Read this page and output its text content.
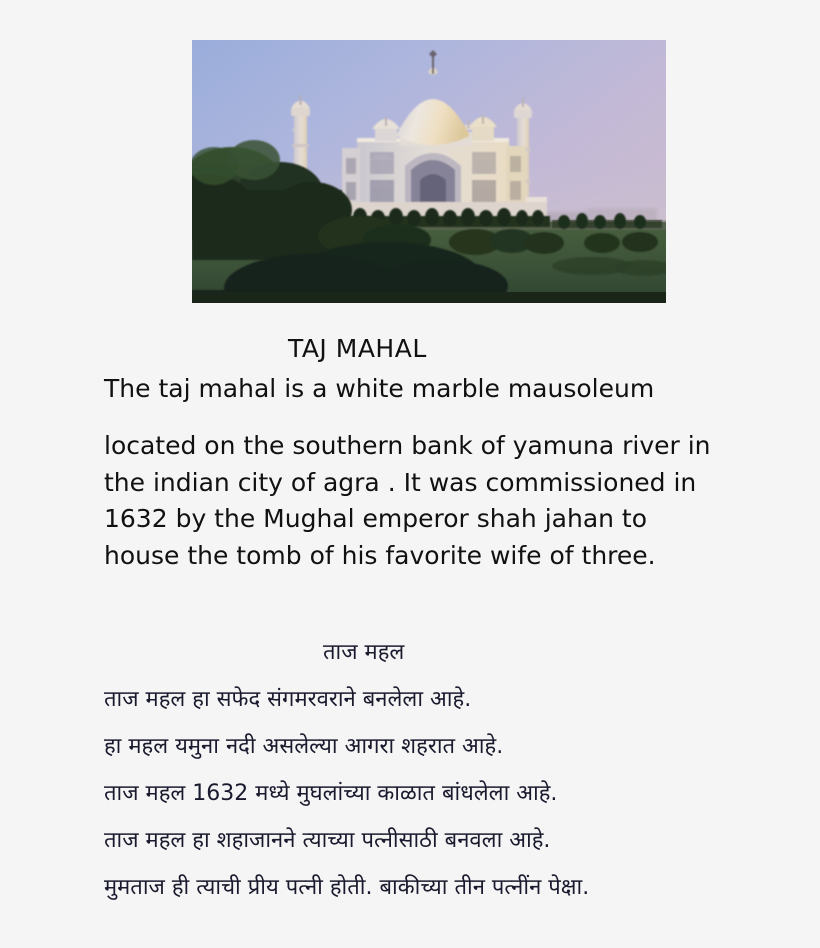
TAJ MAHAL
The taj mahal is a white marble mausoleum
located on the southern bank of yamuna river in the indian city of agra . It was commissioned in 1632 by the Mughal emperor shah jahan to house the tomb of his favorite wife of three.
ताज महल
ताज महल हा सफेद संगमरवराने बनलेला आहे.
हा महल यमुना नदी असलेल्या आगरा शहरात आहे.
ताज महल 1632 मध्ये मुघलांच्या काळात बांधलेला आहे.
ताज महल हा शहाजानने त्याच्या पत्नीसाठी बनवला आहे.
मुमताज ही त्याची प्रीय पत्नी होती. बाकीच्या तीन पत्नींन पेक्षा.
